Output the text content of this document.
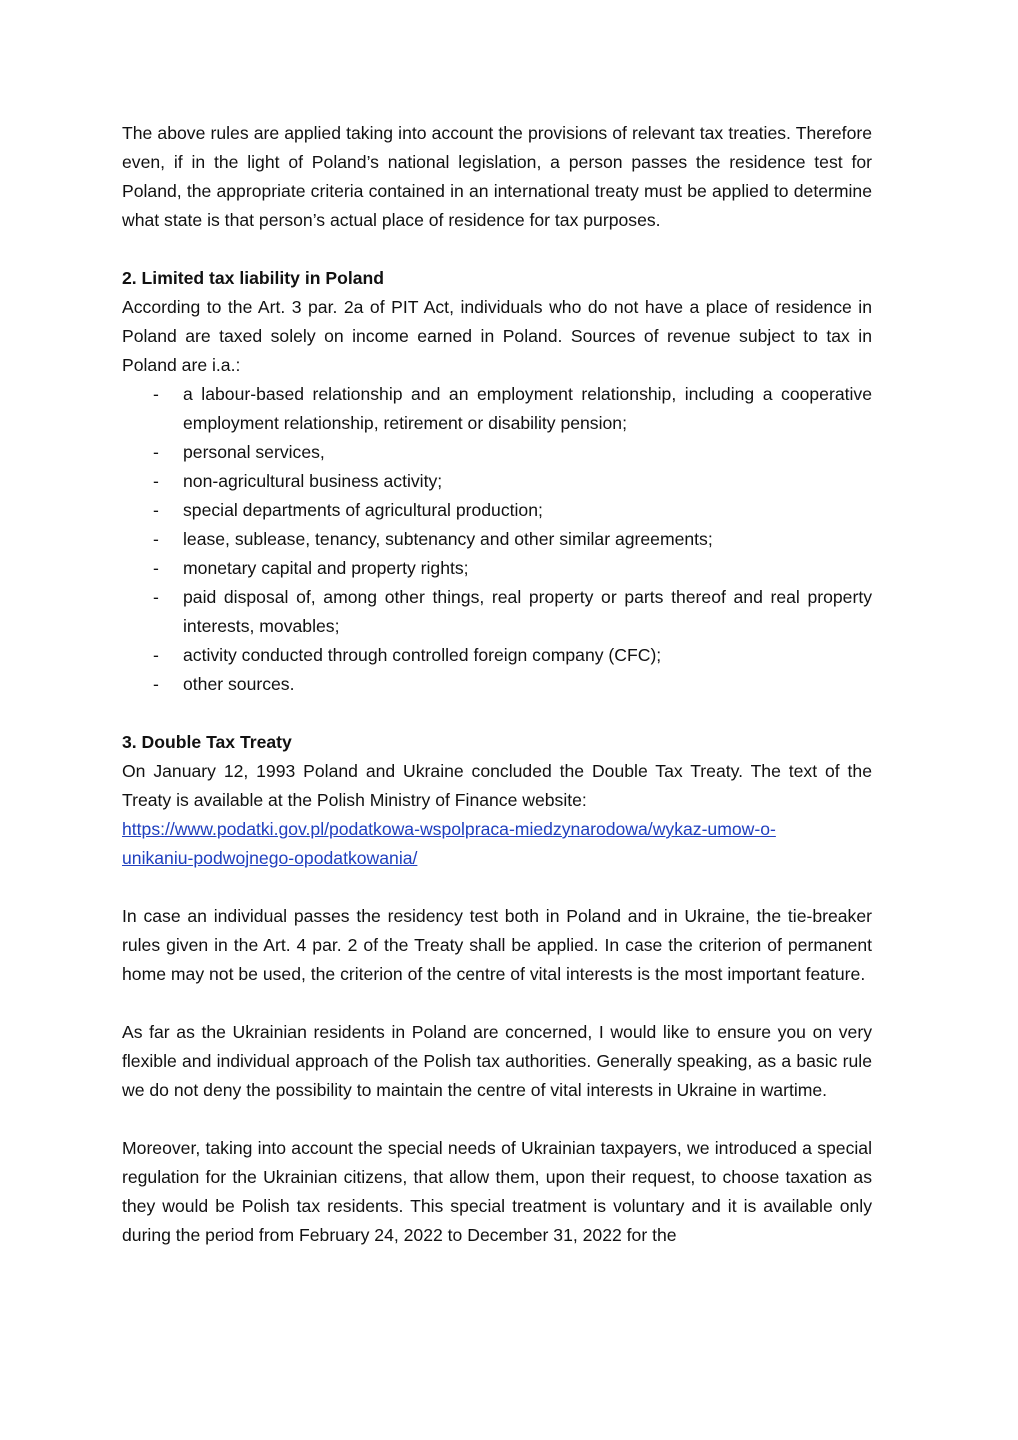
The above rules are applied taking into account the provisions of relevant tax treaties. Therefore even, if in the light of Poland’s national legislation, a person passes the residence test for Poland, the appropriate criteria contained in an international treaty must be applied to determine what state is that person’s actual place of residence for tax purposes.

2. Limited tax liability in Poland

According to the Art. 3 par. 2a of PIT Act, individuals who do not have a place of residence in Poland are taxed solely on income earned in Poland. Sources of revenue subject to tax in Poland are i.a.:

- a labour-based relationship and an employment relationship, including a cooperative employment relationship, retirement or disability pension;
- personal services,
- non-agricultural business activity;
- special departments of agricultural production;
- lease, sublease, tenancy, subtenancy and other similar agreements;
- monetary capital and property rights;
- paid disposal of, among other things, real property or parts thereof and real property interests, movables;
- activity conducted through controlled foreign company (CFC);
- other sources.

3. Double Tax Treaty

On January 12, 1993 Poland and Ukraine concluded the Double Tax Treaty. The text of the Treaty is available at the Polish Ministry of Finance website:

https://www.podatki.gov.pl/podatkowa-wspolpraca-miedzynarodowa/wykaz-umow-o-
unikaniu-podwojnego-opodatkowania/

In case an individual passes the residency test both in Poland and in Ukraine, the tie-breaker rules given in the Art. 4 par. 2 of the Treaty shall be applied. In case the criterion of permanent home may not be used, the criterion of the centre of vital interests is the most important feature.

As far as the Ukrainian residents in Poland are concerned, I would like to ensure you on very flexible and individual approach of the Polish tax authorities. Generally speaking, as a basic rule we do not deny the possibility to maintain the centre of vital interests in Ukraine in wartime.

Moreover, taking into account the special needs of Ukrainian taxpayers, we introduced a special regulation for the Ukrainian citizens, that allow them, upon their request, to choose taxation as they would be Polish tax residents. This special treatment is voluntary and it is available only during the period from February 24, 2022 to December 31, 2022 for the
